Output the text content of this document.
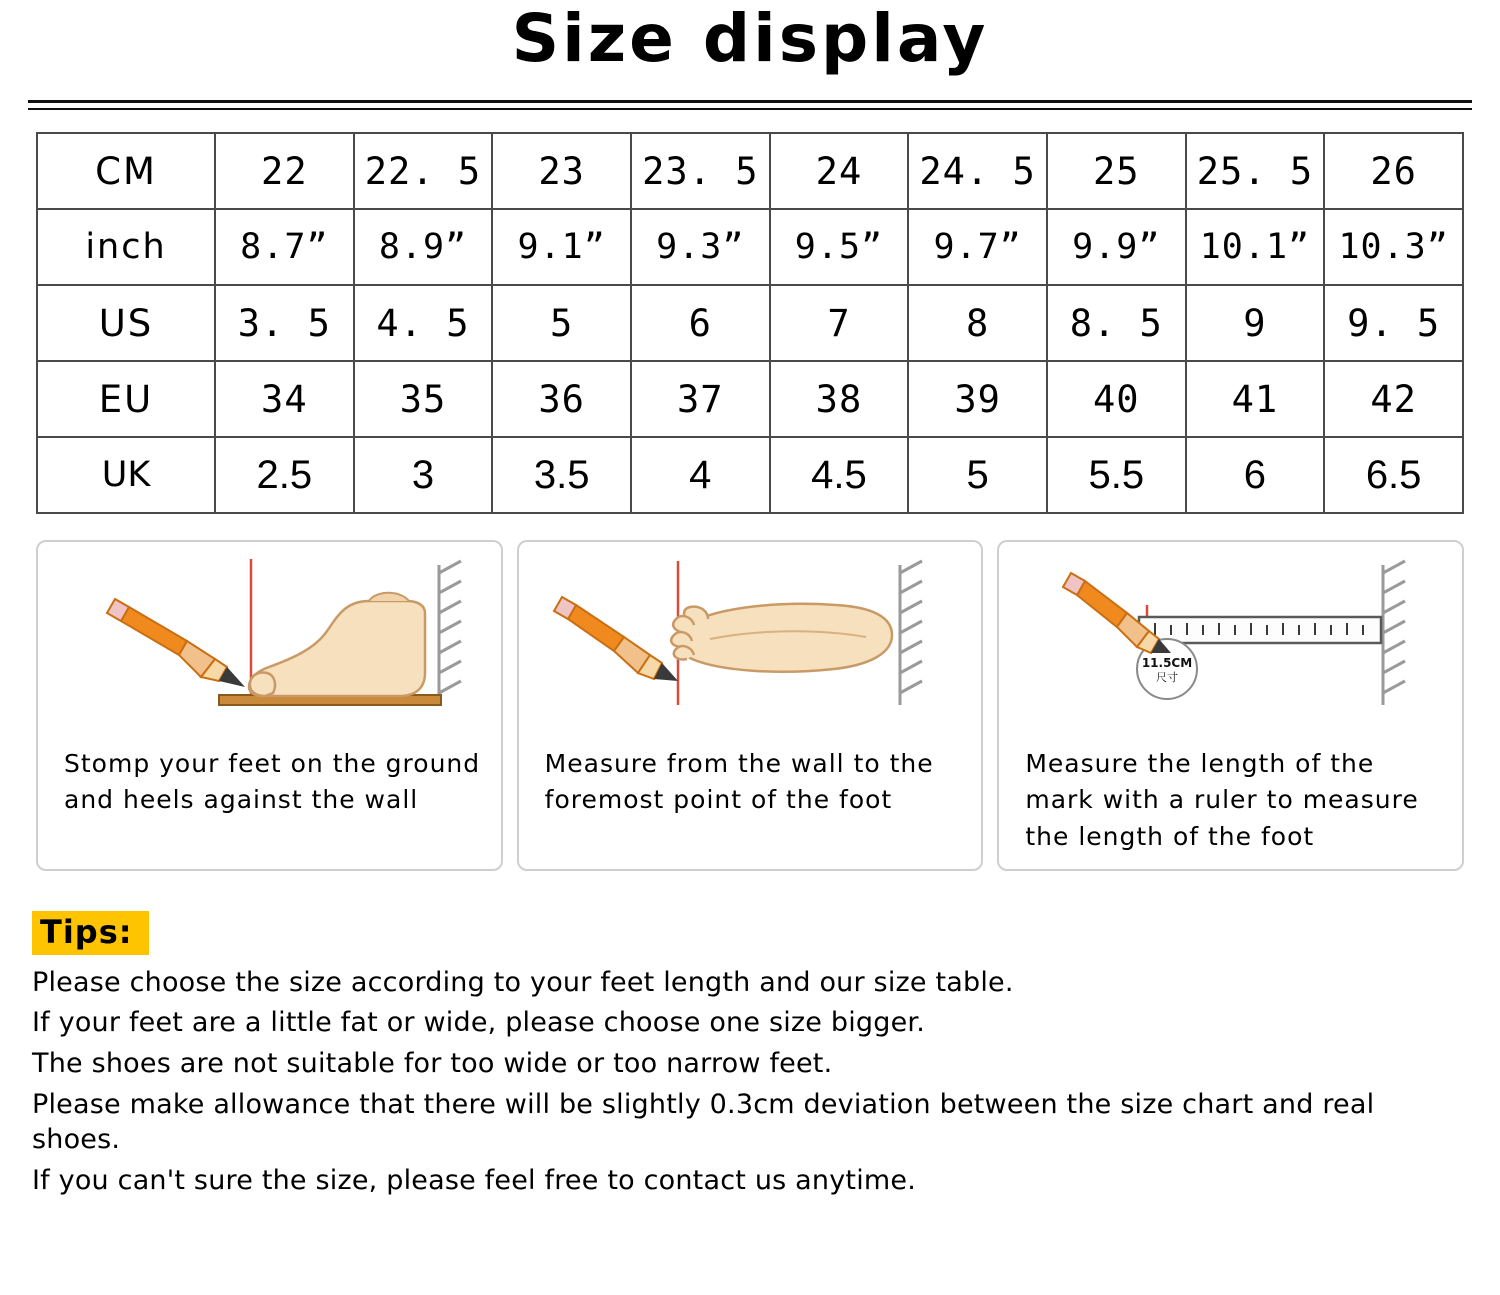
Size display
CM	22	22. 5	23	23. 5	24	24. 5	25	25. 5	26
inch	8.7”	8.9”	9.1”	9.3”	9.5”	9.7”	9.9”	10.1”	10.3”
US	3. 5	4. 5	5	6	7	8	8. 5	9	9. 5
EU	34	35	36	37	38	39	40	41	42
UK	2.5	3	3.5	4	4.5	5	5.5	6	6.5
Stomp your feet on the ground and heels against the wall
Measure from the wall to the foremost point of the foot
11.5CM
尺寸
Measure the length of the mark with a ruler to measure the length of the foot
Tips:

Please choose the size according to your feet length and our size table.

If your feet are a little fat or wide, please choose one size bigger.

The shoes are not suitable for too wide or too narrow feet.

Please make allowance that there will be slightly 0.3cm deviation between the size chart and real shoes.

If you can't sure the size, please feel free to contact us anytime.
